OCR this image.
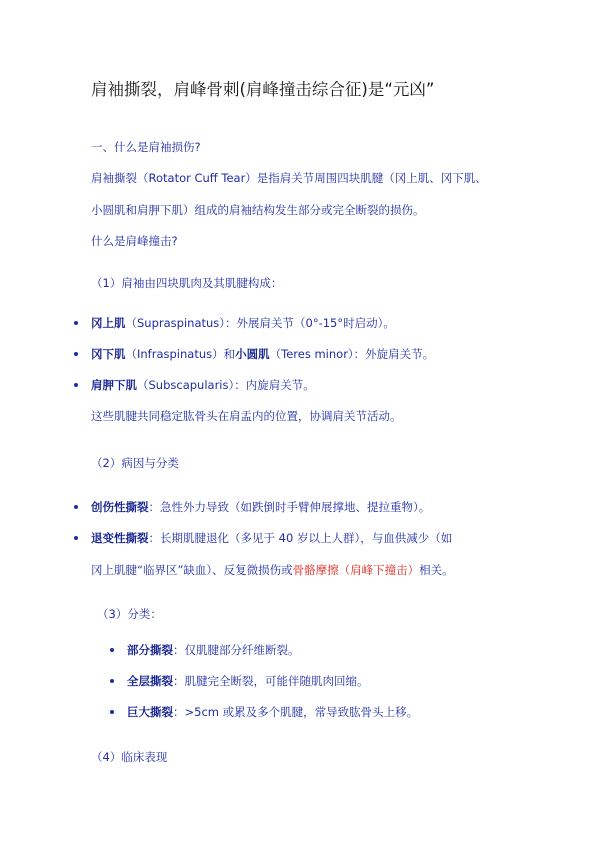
肩袖撕裂，肩峰骨刺(肩峰撞击综合征)是“元凶”
一、什么是肩袖损伤?
肩袖撕裂（Rotator Cuff Tear）是指肩关节周围四块肌腱（冈上肌、冈下肌、
小圆肌和肩胛下肌）组成的肩袖结构发生部分或完全断裂的损伤。
什么是肩峰撞击?
（1）肩袖由四块肌肉及其肌腱构成：
冈上肌（Supraspinatus）：外展肩关节（0°-15°时启动）。
冈下肌（Infraspinatus）和小圆肌（Teres minor）：外旋肩关节。
肩胛下肌（Subscapularis）：内旋肩关节。
这些肌腱共同稳定肱骨头在肩盂内的位置，协调肩关节活动。
（2）病因与分类
创伤性撕裂：急性外力导致（如跌倒时手臂伸展撑地、提拉重物）。
退变性撕裂：长期肌腱退化（多见于 40 岁以上人群），与血供减少（如
冈上肌腱“临界区”缺血）、反复微损伤或骨骼摩擦（肩峰下撞击）相关。
（3）分类：
部分撕裂：仅肌腱部分纤维断裂。
全层撕裂：肌腱完全断裂，可能伴随肌肉回缩。
巨大撕裂：>5cm 或累及多个肌腱，常导致肱骨头上移。
（4）临床表现
